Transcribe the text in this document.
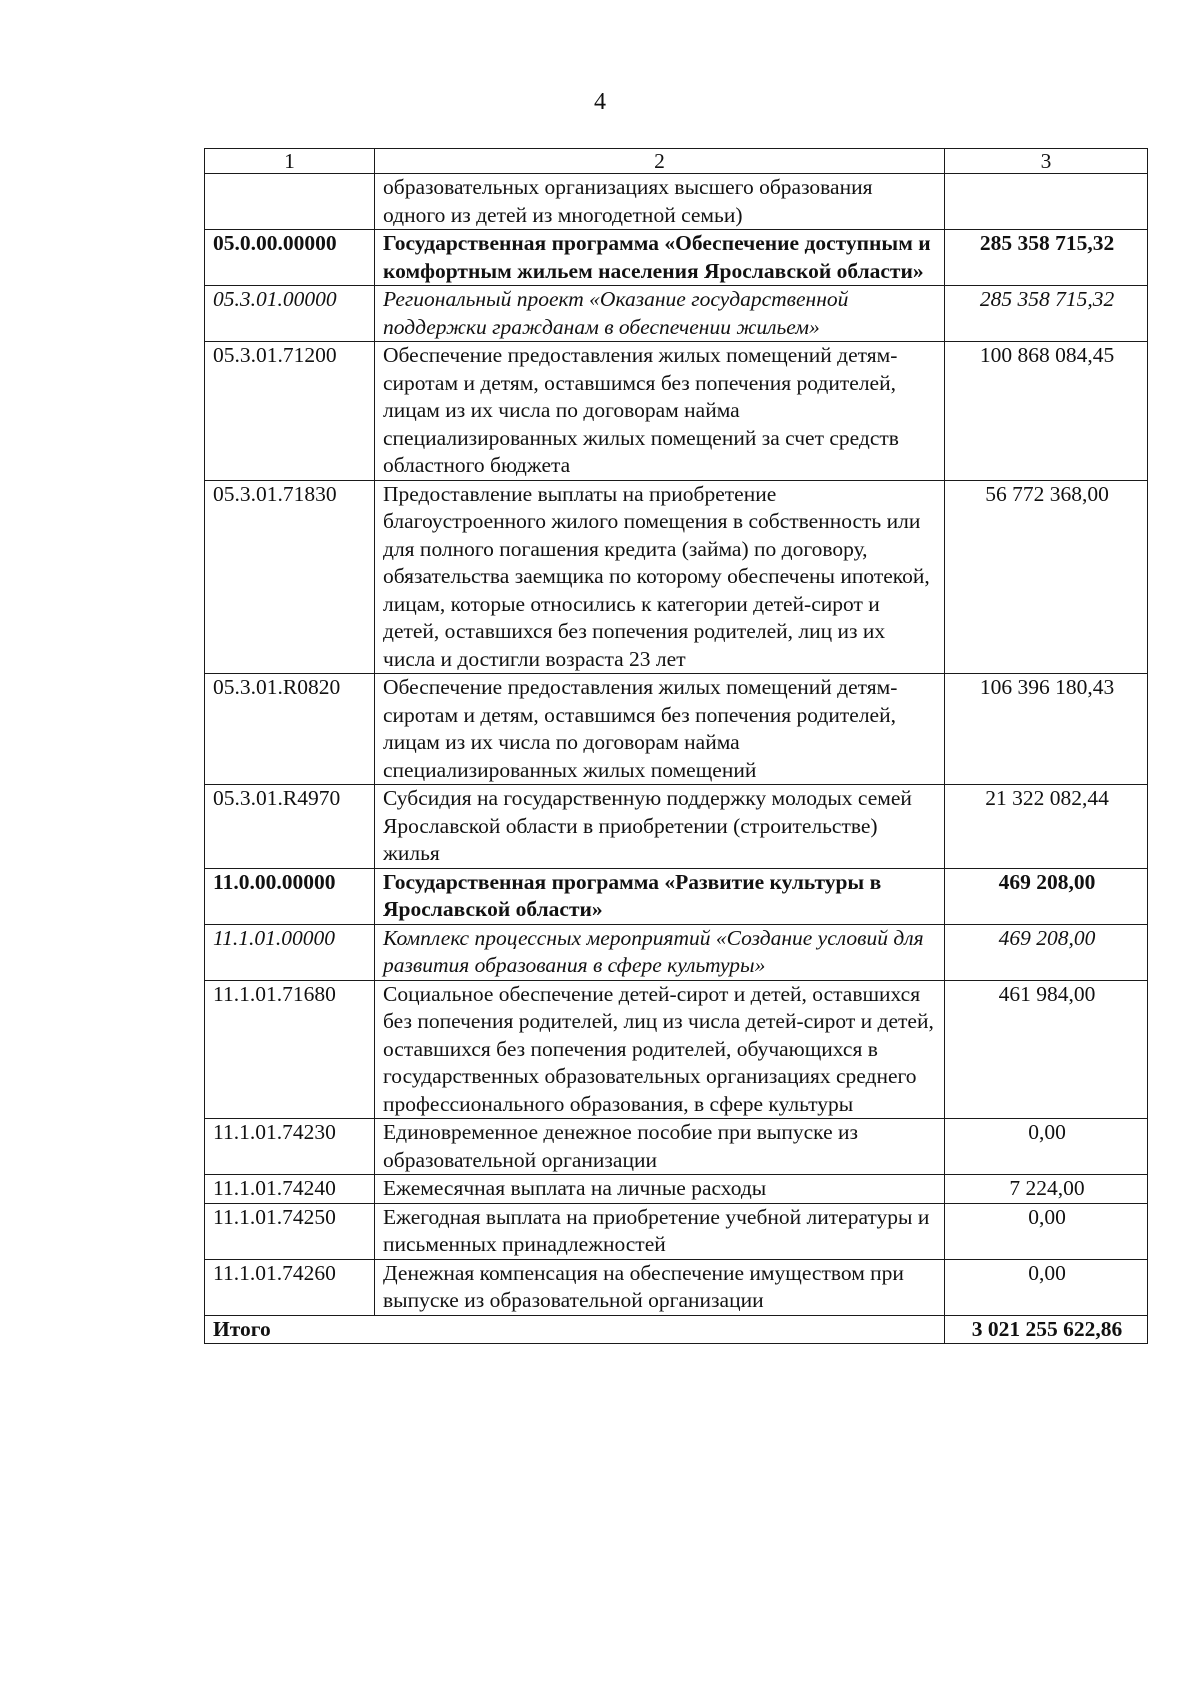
4
1	2	3
	образовательных организациях высшего образования одного из детей из многодетной семьи)	
05.0.00.00000	Государственная программа «Обеспечение доступным и комфортным жильем населения Ярославской области»	285 358 715,32
05.3.01.00000	Региональный проект «Оказание государственной поддержки гражданам в обеспечении жильем»	285 358 715,32
05.3.01.71200	Обеспечение предоставления жилых помещений детям-сиротам и детям, оставшимся без попечения родителей, лицам из их числа по договорам найма специализированных жилых помещений за счет средств областного бюджета	100 868 084,45
05.3.01.71830	Предоставление выплаты на приобретение благоустроенного жилого помещения в собственность или для полного погашения кредита (займа) по договору, обязательства заемщика по которому обеспечены ипотекой, лицам, которые относились к категории детей-сирот и детей, оставшихся без попечения родителей, лиц из их числа и достигли возраста 23 лет	56 772 368,00
05.3.01.R0820	Обеспечение предоставления жилых помещений детям-сиротам и детям, оставшимся без попечения родителей, лицам из их числа по договорам найма специализированных жилых помещений	106 396 180,43
05.3.01.R4970	Субсидия на государственную поддержку молодых семей Ярославской области в приобретении (строительстве) жилья	21 322 082,44
11.0.00.00000	Государственная программа «Развитие культуры в Ярославской области»	469 208,00
11.1.01.00000	Комплекс процессных мероприятий «Создание условий для развития образования в сфере культуры»	469 208,00
11.1.01.71680	Социальное обеспечение детей-сирот и детей, оставшихся без попечения родителей, лиц из числа детей-сирот и детей, оставшихся без попечения родителей, обучающихся в государственных образовательных организациях среднего профессионального образования, в сфере культуры	461 984,00
11.1.01.74230	Единовременное денежное пособие при выпуске из образовательной организации	0,00
11.1.01.74240	Ежемесячная выплата на личные расходы	7 224,00
11.1.01.74250	Ежегодная выплата на приобретение учебной литературы и письменных принадлежностей	0,00
11.1.01.74260	Денежная компенсация на обеспечение имуществом при выпуске из образовательной организации	0,00
Итого		3 021 255 622,86
